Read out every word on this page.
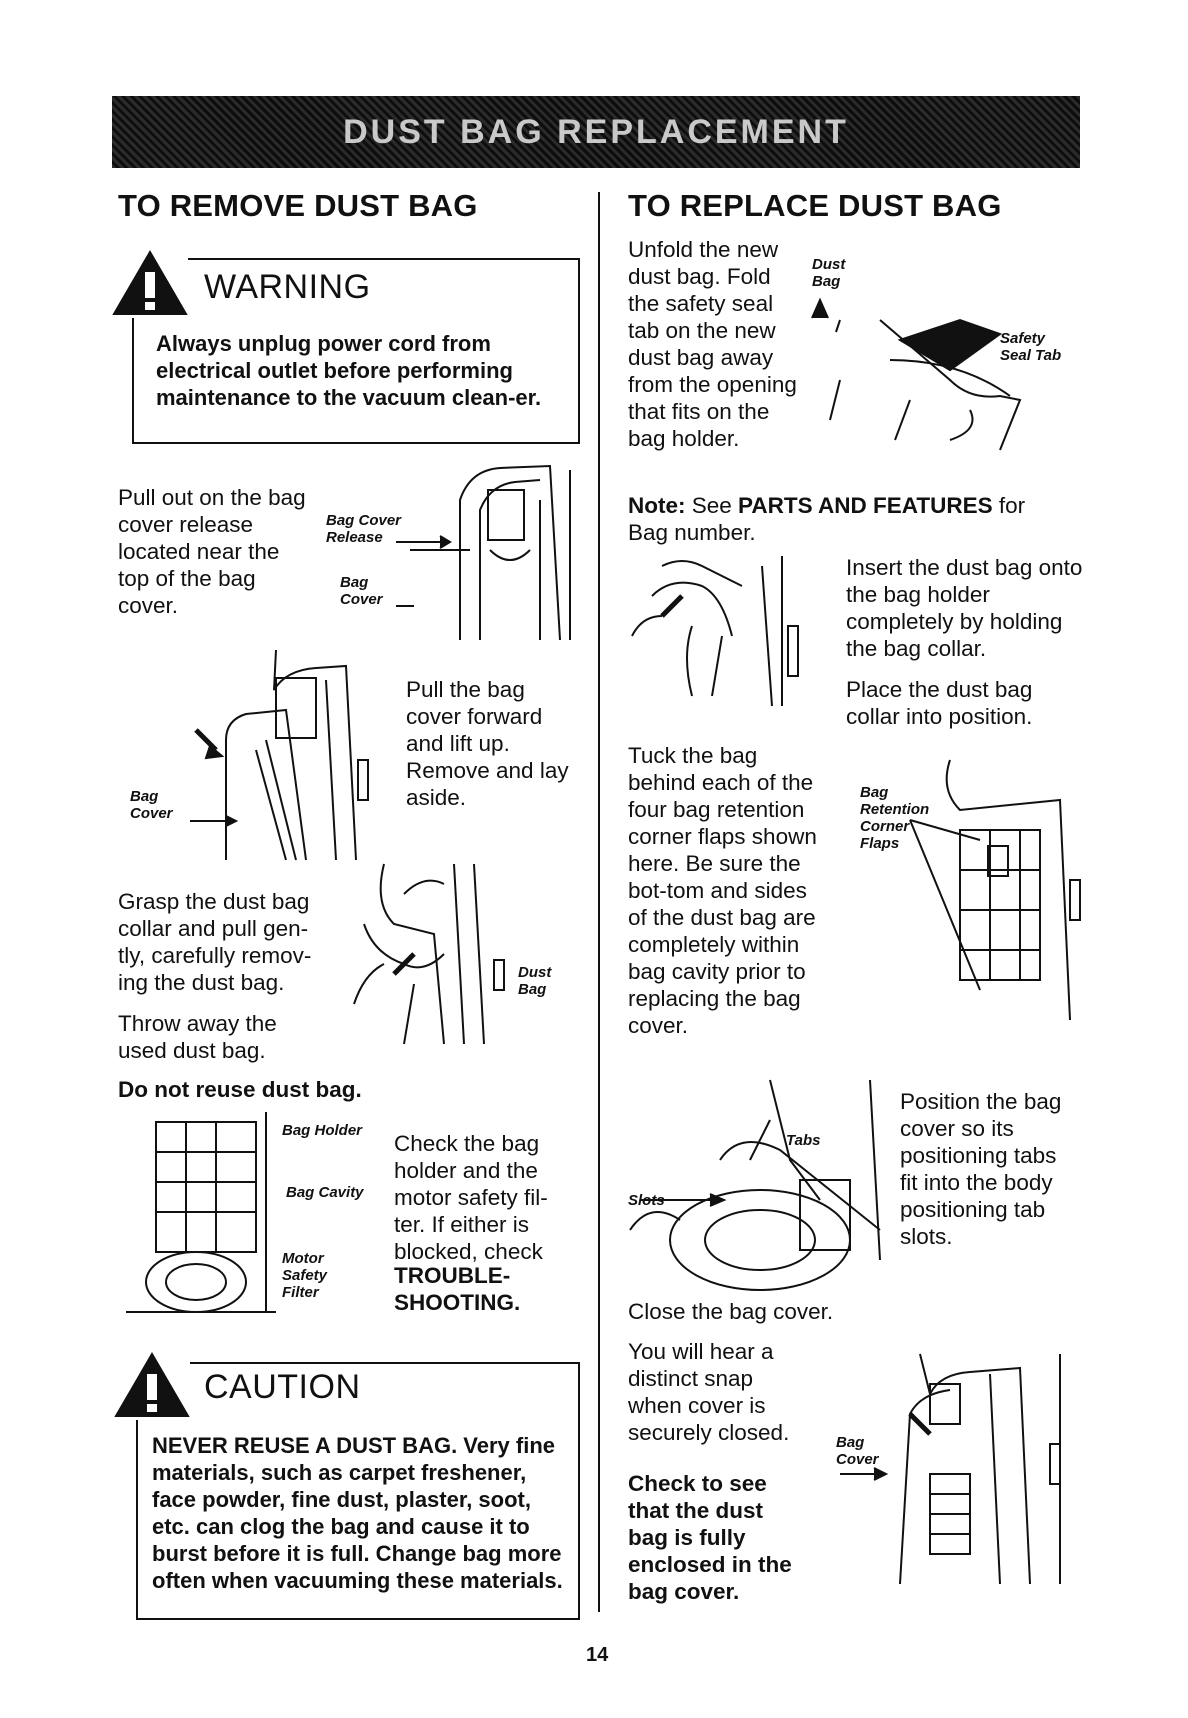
DUST BAG REPLACEMENT
TO REMOVE DUST BAG
WARNING
Always unplug power cord from electrical outlet before performing maintenance to the vacuum clean-er.
Pull out on the bag cover release located near the top of the bag cover.
Bag Cover Release
Bag Cover
Pull the bag cover forward and lift up. Remove and lay aside.
Bag Cover
Grasp the dust bag collar and pull gen-tly, carefully remov-ing the dust bag.
Throw away the used dust bag.
Dust Bag
Do not reuse dust bag.
Bag Holder
Bag Cavity
Motor Safety Filter
Check the bag holder and the motor safety fil-ter. If either is blocked, check
TROUBLE-SHOOTING.
CAUTION
NEVER REUSE A DUST BAG. Very fine materials, such as carpet freshener, face powder, fine dust, plaster, soot, etc. can clog the bag and cause it to burst before it is full. Change bag more often when vacuuming these materials.
TO REPLACE DUST BAG
Unfold the new dust bag. Fold the safety seal tab on the new dust bag away from the opening that fits on the bag holder.
Dust Bag
Safety Seal Tab
Note: See PARTS AND FEATURES for Bag number.
Insert the dust bag onto the bag holder completely by holding the bag collar.
Place the dust bag collar into position.
Tuck the bag behind each of the four bag retention corner flaps shown here. Be sure the bot-tom and sides of the dust bag are completely within bag cavity prior to replacing the bag cover.
Bag Retention Corner Flaps
Tabs
Slots
Position the bag cover so its positioning tabs fit into the body positioning tab slots.
Close the bag cover.
You will hear a distinct snap when cover is securely closed.
Check to see that the dust bag is fully enclosed in the bag cover.
Bag Cover
14
